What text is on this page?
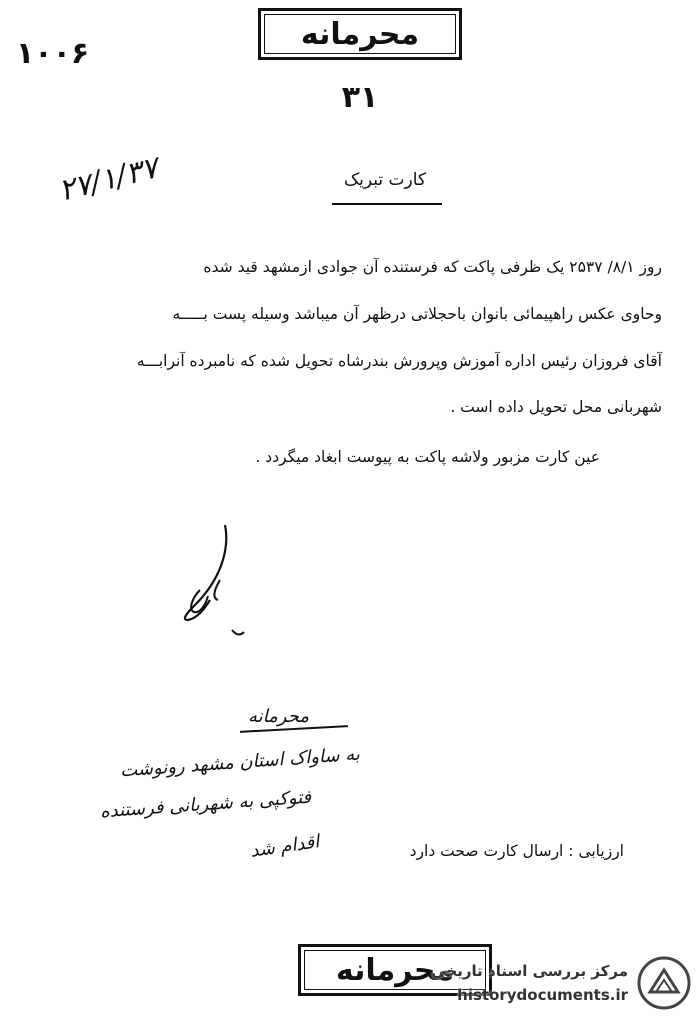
محرمانه
۱۰۰۶
۳۱
۲۷/۱/۳۷	کارت تبریک
روز ۸/۱/ ۲۵۳۷ یک ظرفی پاکت که فرستنده آن جوادی ازمشهد قید شده
وحاوی عکس راهپیمائی بانوان باحجلاتی درظهر آن میباشد وسیله پست بـــــه
آقای فروزان رئیس اداره آموزش وپرورش بندرشاه تحویل شده که نامبرده آنرابـــه
شهربانی محل تحویل داده است .
عین کارت مزبور ولاشه پاکت به پیوست ابغاد میگردد .
محرمانه
به ساواک استان مشهد رونوشت
فتوکپی به شهربانی فرستنده
اقدام شد	ارزیابی : ارسال کارت صحت دارد
محرمانه
مرکز بررسی اسناد تاریخی
historydocuments.ir
